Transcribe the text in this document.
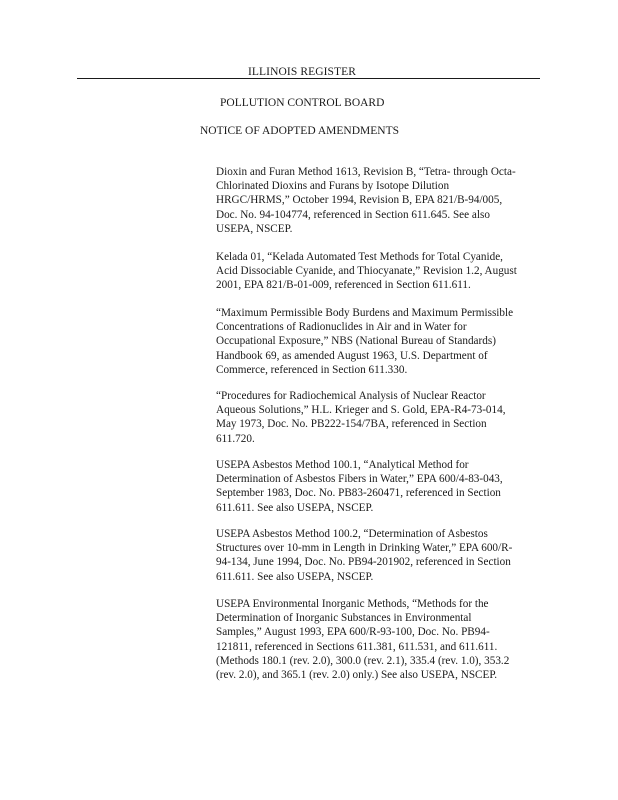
ILLINOIS REGISTER
POLLUTION CONTROL BOARD
NOTICE OF ADOPTED AMENDMENTS
Dioxin and Furan Method 1613, Revision B, “Tetra- through Octa-
Chlorinated Dioxins and Furans by Isotope Dilution
HRGC/HRMS,” October 1994, Revision B, EPA 821/B-94/005,
Doc. No. 94-104774, referenced in Section 611.645. See also
USEPA, NSCEP.
Kelada 01, “Kelada Automated Test Methods for Total Cyanide,
Acid Dissociable Cyanide, and Thiocyanate,” Revision 1.2, August
2001, EPA 821/B-01-009, referenced in Section 611.611.
“Maximum Permissible Body Burdens and Maximum Permissible
Concentrations of Radionuclides in Air and in Water for
Occupational Exposure,” NBS (National Bureau of Standards)
Handbook 69, as amended August 1963, U.S. Department of
Commerce, referenced in Section 611.330.
“Procedures for Radiochemical Analysis of Nuclear Reactor
Aqueous Solutions,” H.L. Krieger and S. Gold, EPA-R4-73-014,
May 1973, Doc. No. PB222-154/7BA, referenced in Section
611.720.
USEPA Asbestos Method 100.1, “Analytical Method for
Determination of Asbestos Fibers in Water,” EPA 600/4-83-043,
September 1983, Doc. No. PB83-260471, referenced in Section
611.611. See also USEPA, NSCEP.
USEPA Asbestos Method 100.2, “Determination of Asbestos
Structures over 10-mm in Length in Drinking Water,” EPA 600/R-
94-134, June 1994, Doc. No. PB94-201902, referenced in Section
611.611. See also USEPA, NSCEP.
USEPA Environmental Inorganic Methods, “Methods for the
Determination of Inorganic Substances in Environmental
Samples,” August 1993, EPA 600/R-93-100, Doc. No. PB94-
121811, referenced in Sections 611.381, 611.531, and 611.611.
(Methods 180.1 (rev. 2.0), 300.0 (rev. 2.1), 335.4 (rev. 1.0), 353.2
(rev. 2.0), and 365.1 (rev. 2.0) only.) See also USEPA, NSCEP.
